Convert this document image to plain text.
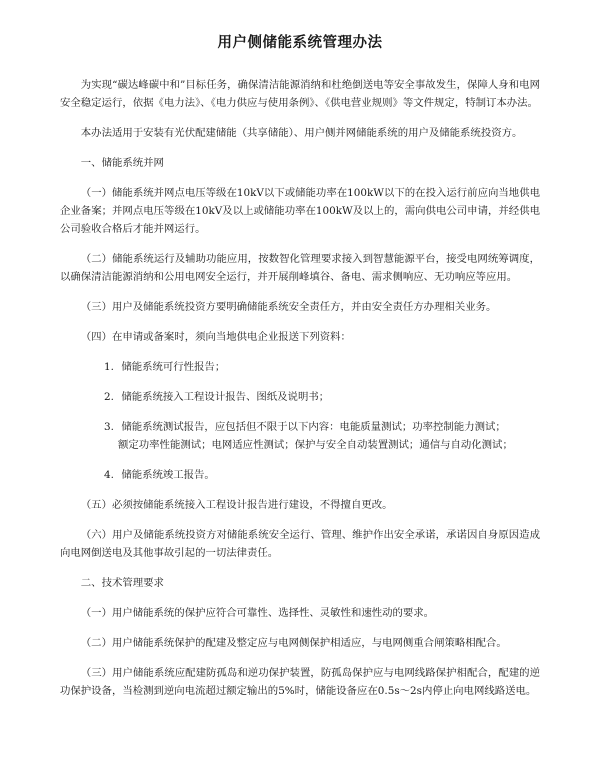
用户侧储能系统管理办法

为实现“碳达峰碳中和”目标任务，确保清洁能源消纳和杜绝倒送电等安全事故发生，保障人身和电网安全稳定运行，依据《电力法》、《电力供应与使用条例》、《供电营业规则》等文件规定，特制订本办法。

本办法适用于安装有光伏配建储能（共享储能）、用户侧并网储能系统的用户及储能系统投资方。

一、储能系统并网

（一）储能系统并网点电压等级在10kV以下或储能功率在100kW以下的在投入运行前应向当地供电企业备案；并网点电压等级在10kV及以上或储能功率在100kW及以上的，需向供电公司申请，并经供电公司验收合格后才能并网运行。

（二）储能系统运行及辅助功能应用，按数智化管理要求接入到智慧能源平台，接受电网统筹调度，以确保清洁能源消纳和公用电网安全运行，并开展削峰填谷、备电、需求侧响应、无功响应等应用。

（三）用户及储能系统投资方要明确储能系统安全责任方，并由安全责任方办理相关业务。

（四）在申请或备案时，须向当地供电企业报送下列资料：

1. 储能系统可行性报告；
2. 储能系统接入工程设计报告、图纸及说明书；
3. 储能系统测试报告，应包括但不限于以下内容：电能质量测试；功率控制能力测试；
额定功率性能测试；电网适应性测试；保护与安全自动装置测试；通信与自动化测试；
4. 储能系统竣工报告。

（五）必须按储能系统接入工程设计报告进行建设，不得擅自更改。

（六）用户及储能系统投资方对储能系统安全运行、管理、维护作出安全承诺，承诺因自身原因造成向电网倒送电及其他事故引起的一切法律责任。

二、技术管理要求

（一）用户储能系统的保护应符合可靠性、选择性、灵敏性和速性动的要求。

（二）用户储能系统保护的配建及整定应与电网侧保护相适应，与电网侧重合闸策略相配合。

（三）用户储能系统应配建防孤岛和逆功保护装置，防孤岛保护应与电网线路保护相配合，配建的逆功保护设备，当检测到逆向电流超过额定输出的5%时，储能设备应在0.5s～2s内停止向电网线路送电。
